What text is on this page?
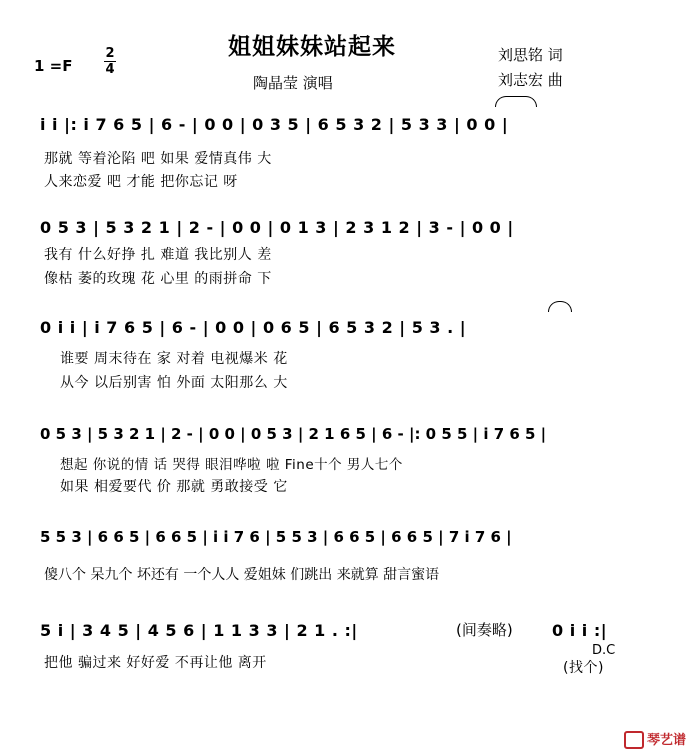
1 =F
2
4
姐姐妹妹站起来
陶晶莹 演唱
刘思铭 词
刘志宏 曲
i i |: i 7 6 5 | 6 - | 0 0 | 0 3 5 | 6 5 3 2 | 5 3 3 | 0 0 |
那就 等着沦陷 吧 如果 爱情真伟 大
人来恋爱 吧 才能 把你忘记 呀
0 5 3 | 5 3 2 1 | 2 - | 0 0 | 0 1 3 | 2 3 1 2 | 3 - | 0 0 |
我有 什么好挣 扎 难道 我比别人 差
像枯 萎的玫瑰 花 心里 的雨拼命 下
0 i i | i 7 6 5 | 6 - | 0 0 | 0 6 5 | 6 5 3 2 | 5 3 . |
谁要 周末待在 家 对着 电视爆米 花
从今 以后别害 怕 外面 太阳那么 大
0 5 3 | 5 3 2 1 | 2 - | 0 0 | 0 5 3 | 2 1 6 5 | 6 - |: 0 5 5 | i 7 6 5 |
想起 你说的情 话 哭得 眼泪哗啦 啦 Fine十个 男人七个
如果 相爱要代 价 那就 勇敢接受 它
5 5 3 | 6 6 5 | 6 6 5 | i i 7 6 | 5 5 3 | 6 6 5 | 6 6 5 | 7 i 7 6 |
傻八个 呆九个 坏还有 一个人人 爱姐妹 们跳出 来就算 甜言蜜语
5 i | 3 4 5 | 4 5 6 | 1 1 3 3 | 2 1 . :|	(间奏略) 0 i i :|
把他 骗过来 好好爱 不再让他 离开	(找个)
D.C
琴艺谱
